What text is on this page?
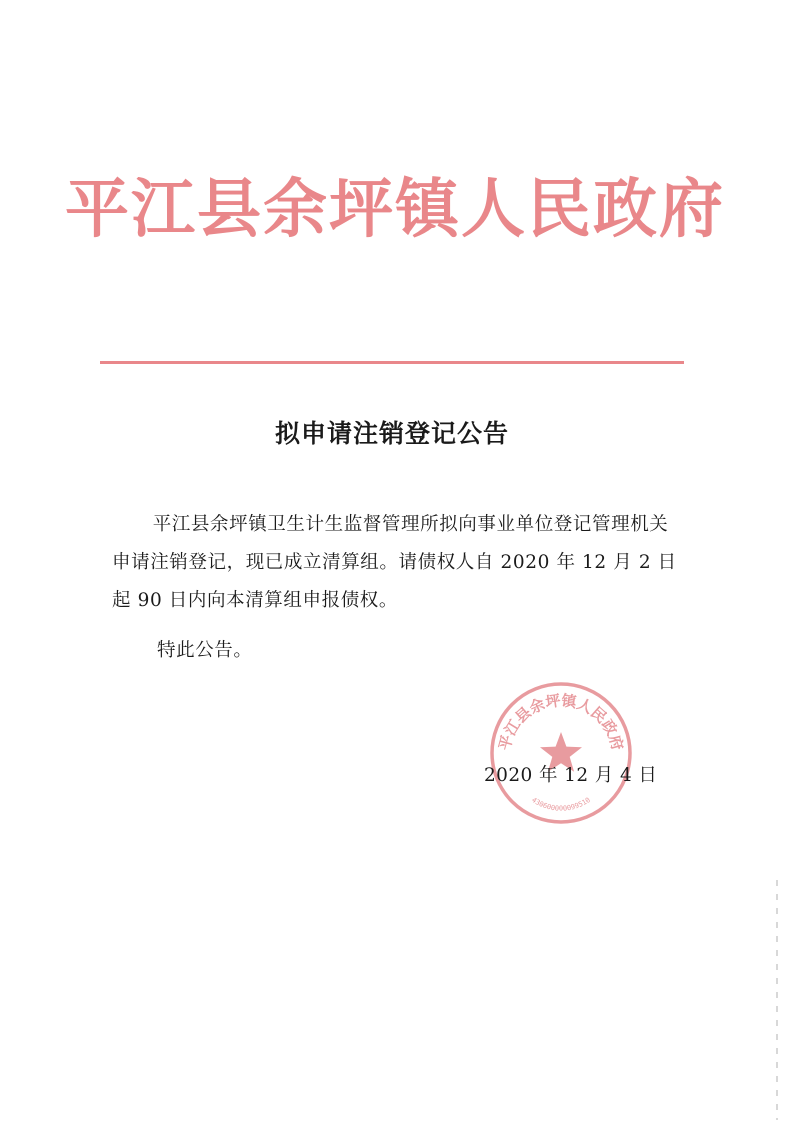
平江县余坪镇人民政府
拟申请注销登记公告

平江县余坪镇卫生计生监督管理所拟向事业单位登记管理机关申请注销登记，现已成立清算组。请债权人自 2020 年 12 月 2 日起 90 日内向本清算组申报债权。

特此公告。
平江县余坪镇人民政府
430600000099510
2020 年 12 月 4 日
